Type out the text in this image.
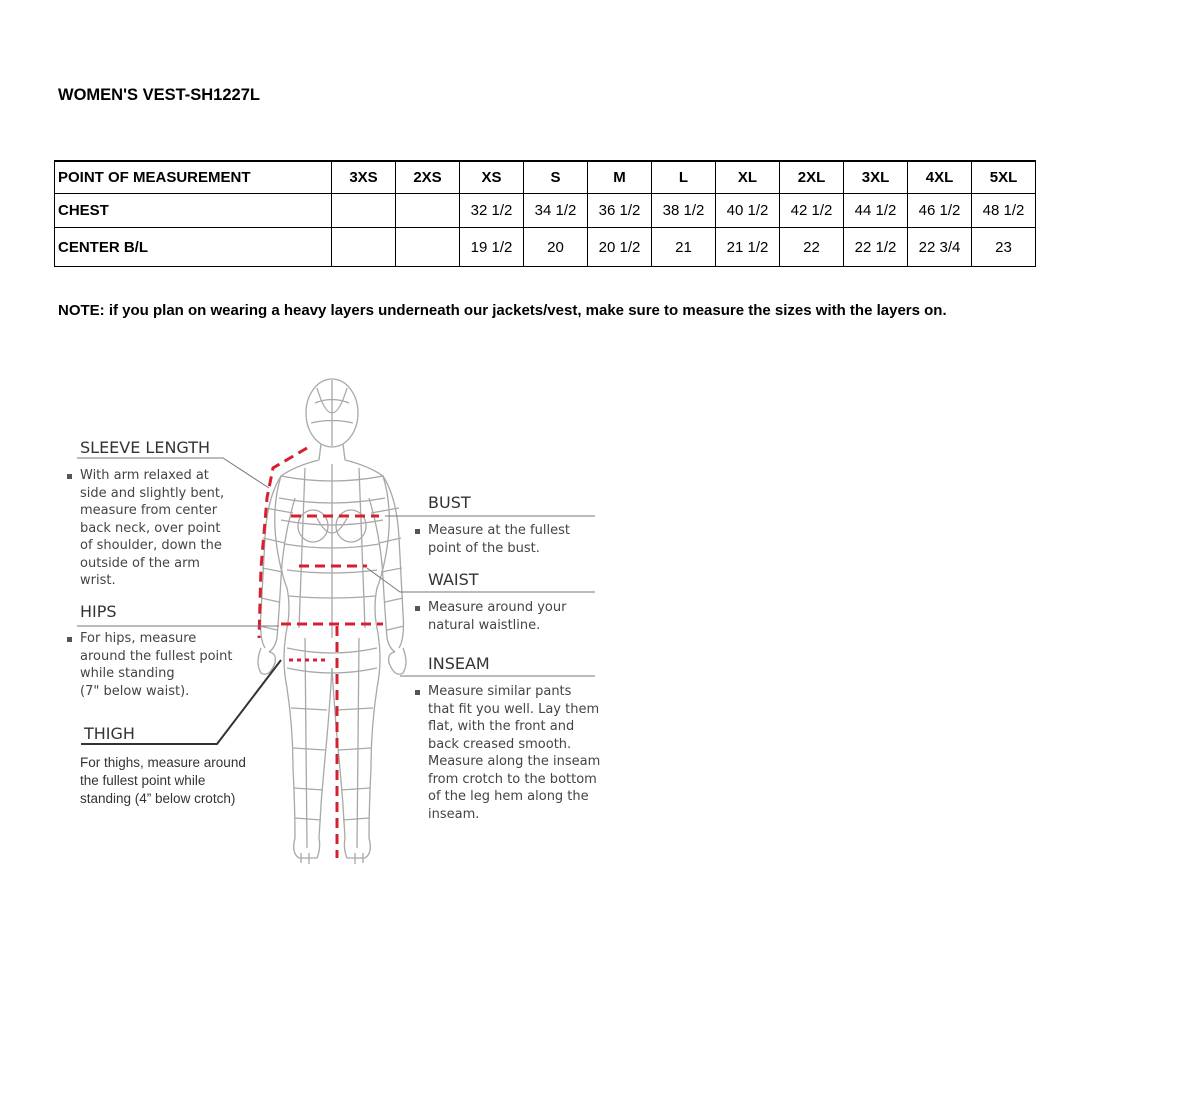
WOMEN'S VEST-SH1227L
POINT OF MEASUREMENT	3XS	2XS	XS	S	M	L	XL	2XL	3XL	4XL	5XL
CHEST			32 1/2	34 1/2	36 1/2	38 1/2	40 1/2	42 1/2	44 1/2	46 1/2	48 1/2
CENTER B/L			19 1/2	20	20 1/2	21	21 1/2	22	22 1/2	22 3/4	23
NOTE: if you plan on wearing a heavy layers underneath our jackets/vest, make sure to measure the sizes with the layers on.
SLEEVE LENGTH
With arm relaxed at
side and slightly bent,
measure from center
back neck, over point
of shoulder, down the
outside of the arm
wrist.
HIPS
For hips, measure
around the fullest point
while standing
(7" below waist).
THIGH
For thighs, measure around
the fullest point while
standing (4” below crotch)
BUST
Measure at the fullest
point of the bust.
WAIST
Measure around your
natural waistline.
INSEAM
Measure similar pants
that fit you well. Lay them
flat, with the front and
back creased smooth.
Measure along the inseam
from crotch to the bottom
of the leg hem along the
inseam.
